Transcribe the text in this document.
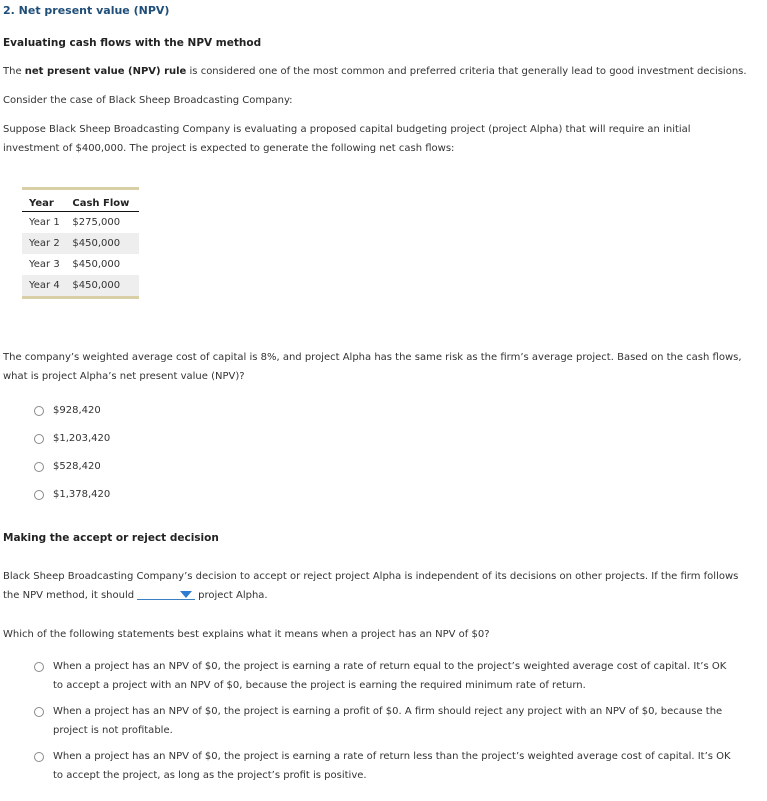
2. Net present value (NPV)
Evaluating cash flows with the NPV method
The net present value (NPV) rule is considered one of the most common and preferred criteria that generally lead to good investment decisions.
Consider the case of Black Sheep Broadcasting Company:
Suppose Black Sheep Broadcasting Company is evaluating a proposed capital budgeting project (project Alpha) that will require an initial investment of $400,000. The project is expected to generate the following net cash flows:
Year	Cash Flow
Year 1	$275,000
Year 2	$450,000
Year 3	$450,000
Year 4	$450,000
The company’s weighted average cost of capital is 8%, and project Alpha has the same risk as the firm’s average project. Based on the cash flows, what is project Alpha’s net present value (NPV)?
$928,420
$1,203,420
$528,420
$1,378,420
Making the accept or reject decision
Black Sheep Broadcasting Company’s decision to accept or reject project Alpha is independent of its decisions on other projects. If the firm follows the NPV method, it should	project Alpha.
Which of the following statements best explains what it means when a project has an NPV of $0?
When a project has an NPV of $0, the project is earning a rate of return equal to the project’s weighted average cost of capital. It’s OK to accept a project with an NPV of $0, because the project is earning the required minimum rate of return.
When a project has an NPV of $0, the project is earning a profit of $0. A firm should reject any project with an NPV of $0, because the project is not profitable.
When a project has an NPV of $0, the project is earning a rate of return less than the project’s weighted average cost of capital. It’s OK to accept the project, as long as the project’s profit is positive.
